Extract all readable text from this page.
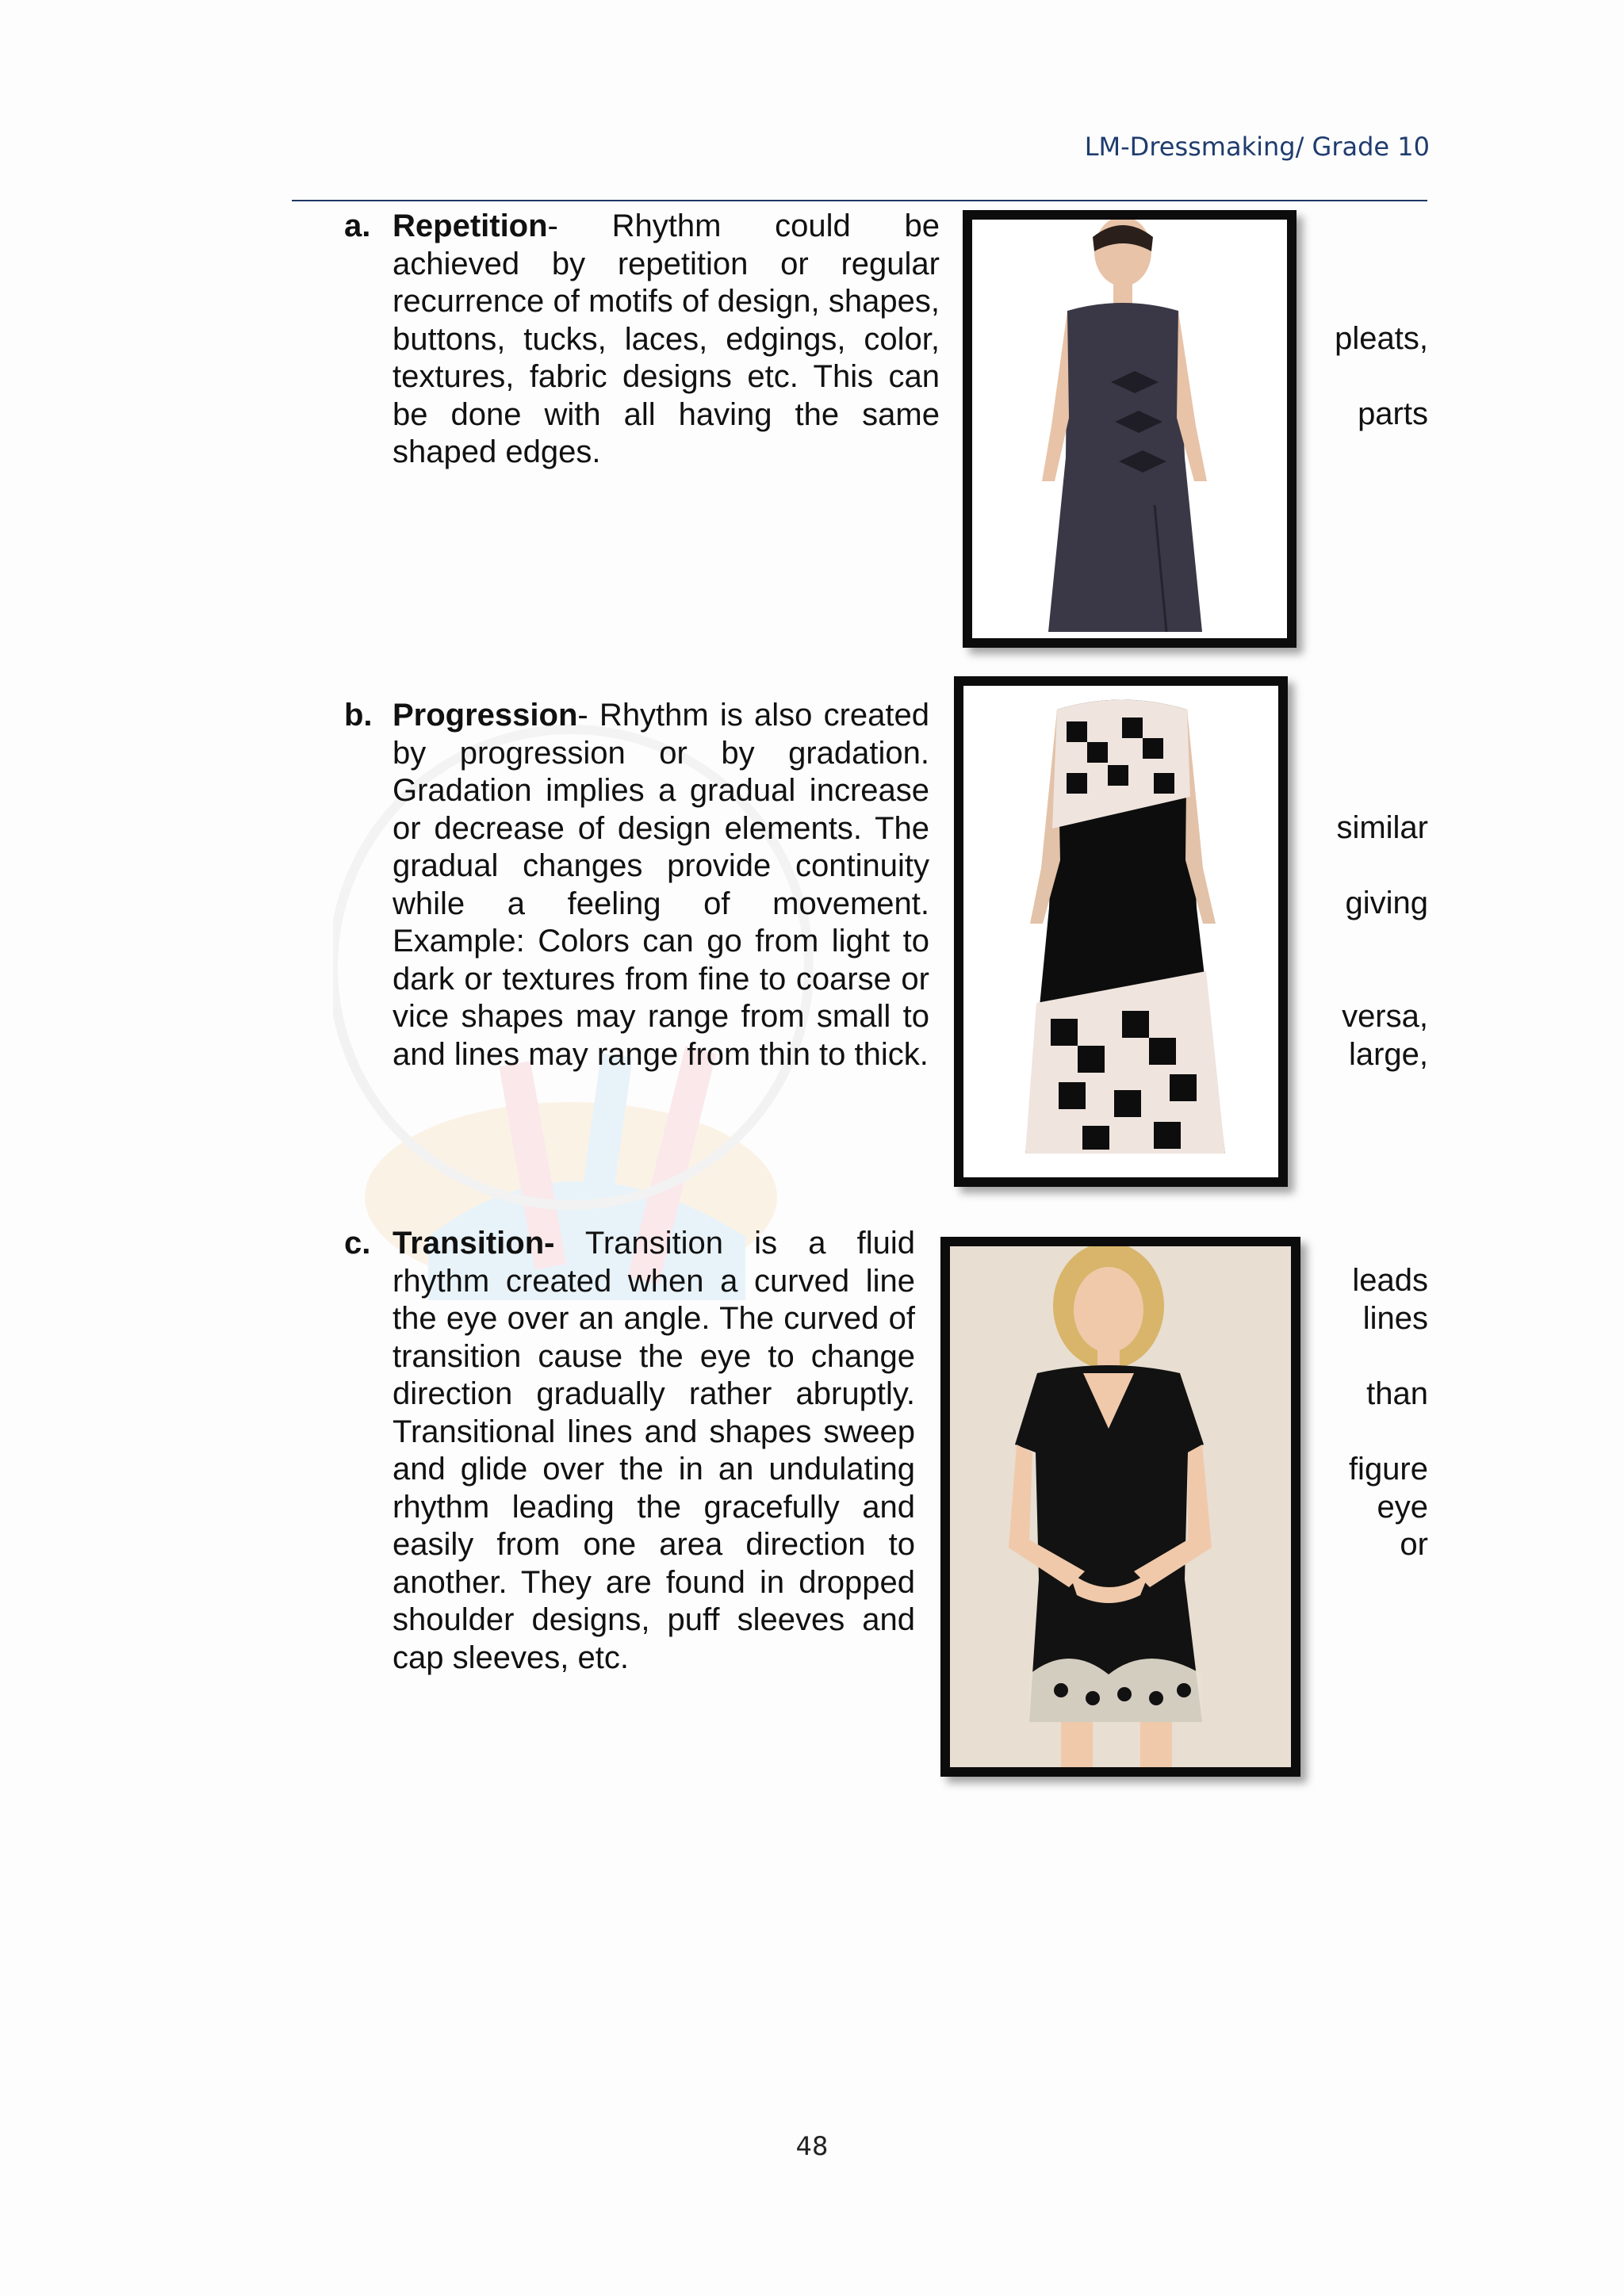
LM-Dressmaking/ Grade 10
a. Repetition- Rhythm could be achieved by repetition or regular recurrence of motifs of design, shapes, buttons, tucks, laces, edgings, color, textures, fabric designs etc. This can be done with all having the same shaped edges.
pleats,
parts
b. Progression- Rhythm is also created by progression or by gradation. Gradation implies a gradual increase or decrease of design elements. The gradual changes provide continuity while a feeling of movement. Example: Colors can go from light to dark or textures from fine to coarse or vice shapes may range from small to and lines may range from thin to thick.
similar
giving
versa,
large,
c. Transition- Transition is a fluid rhythm created when a curved line the eye over an angle. The curved of transition cause the eye to change direction gradually rather abruptly. Transitional lines and shapes sweep and glide over the in an undulating rhythm leading the gracefully and easily from one area direction to another. They are found in dropped shoulder designs, puff sleeves and cap sleeves, etc.
leads
lines
than
figure
eye
or
48
